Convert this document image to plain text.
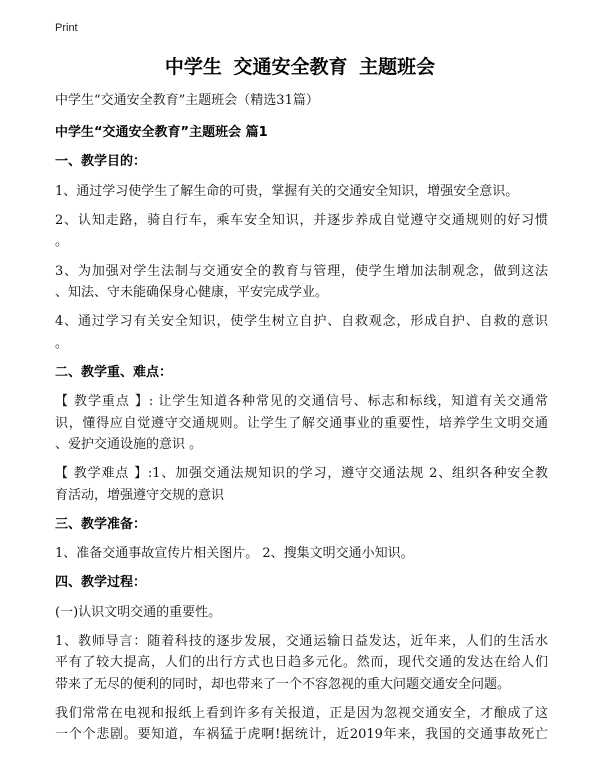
Print
中学生 交通安全教育 主题班会
中学生“交通安全教育”主题班会（精选31篇）
中学生“交通安全教育”主题班会 篇1
一、教学目的：
1、通过学习使学生了解生命的可贵，掌握有关的交通安全知识，增强安全意识。
2、认知走路，骑自行车，乘车安全知识，并逐步养成自觉遵守交通规则的好习惯
。
3、为加强对学生法制与交通安全的教育与管理，使学生增加法制观念，做到这法
、知法、守未能确保身心健康，平安完成学业。
4、通过学习有关安全知识，使学生树立自护、自救观念，形成自护、自救的意识
。
二、教学重、难点：
【 教学重点 】: 让学生知道各种常见的交通信号、标志和标线，知道有关交通常
识，懂得应自觉遵守交通规则。让学生了解交通事业的重要性，培养学生文明交通
、爱护交通设施的意识 。
【 教学难点 】:1、加强交通法规知识的学习，遵守交通法规 2、组织各种安全教
育活动，增强遵守交规的意识
三、教学准备：
1、准备交通事故宣传片相关图片。 2、搜集文明交通小知识。
四、教学过程：
(一)认识文明交通的重要性。
1、教师导言：随着科技的逐步发展，交通运输日益发达，近年来，人们的生活水
平有了较大提高，人们的出行方式也日趋多元化。然而，现代交通的发达在给人们
带来了无尽的便利的同时，却也带来了一个不容忽视的重大问题交通安全问题。
我们常常在电视和报纸上看到许多有关报道，正是因为忽视交通安全，才酿成了这
一个个悲剧。要知道，车祸猛于虎啊!据统计，近2019年来，我国的交通事故死亡
